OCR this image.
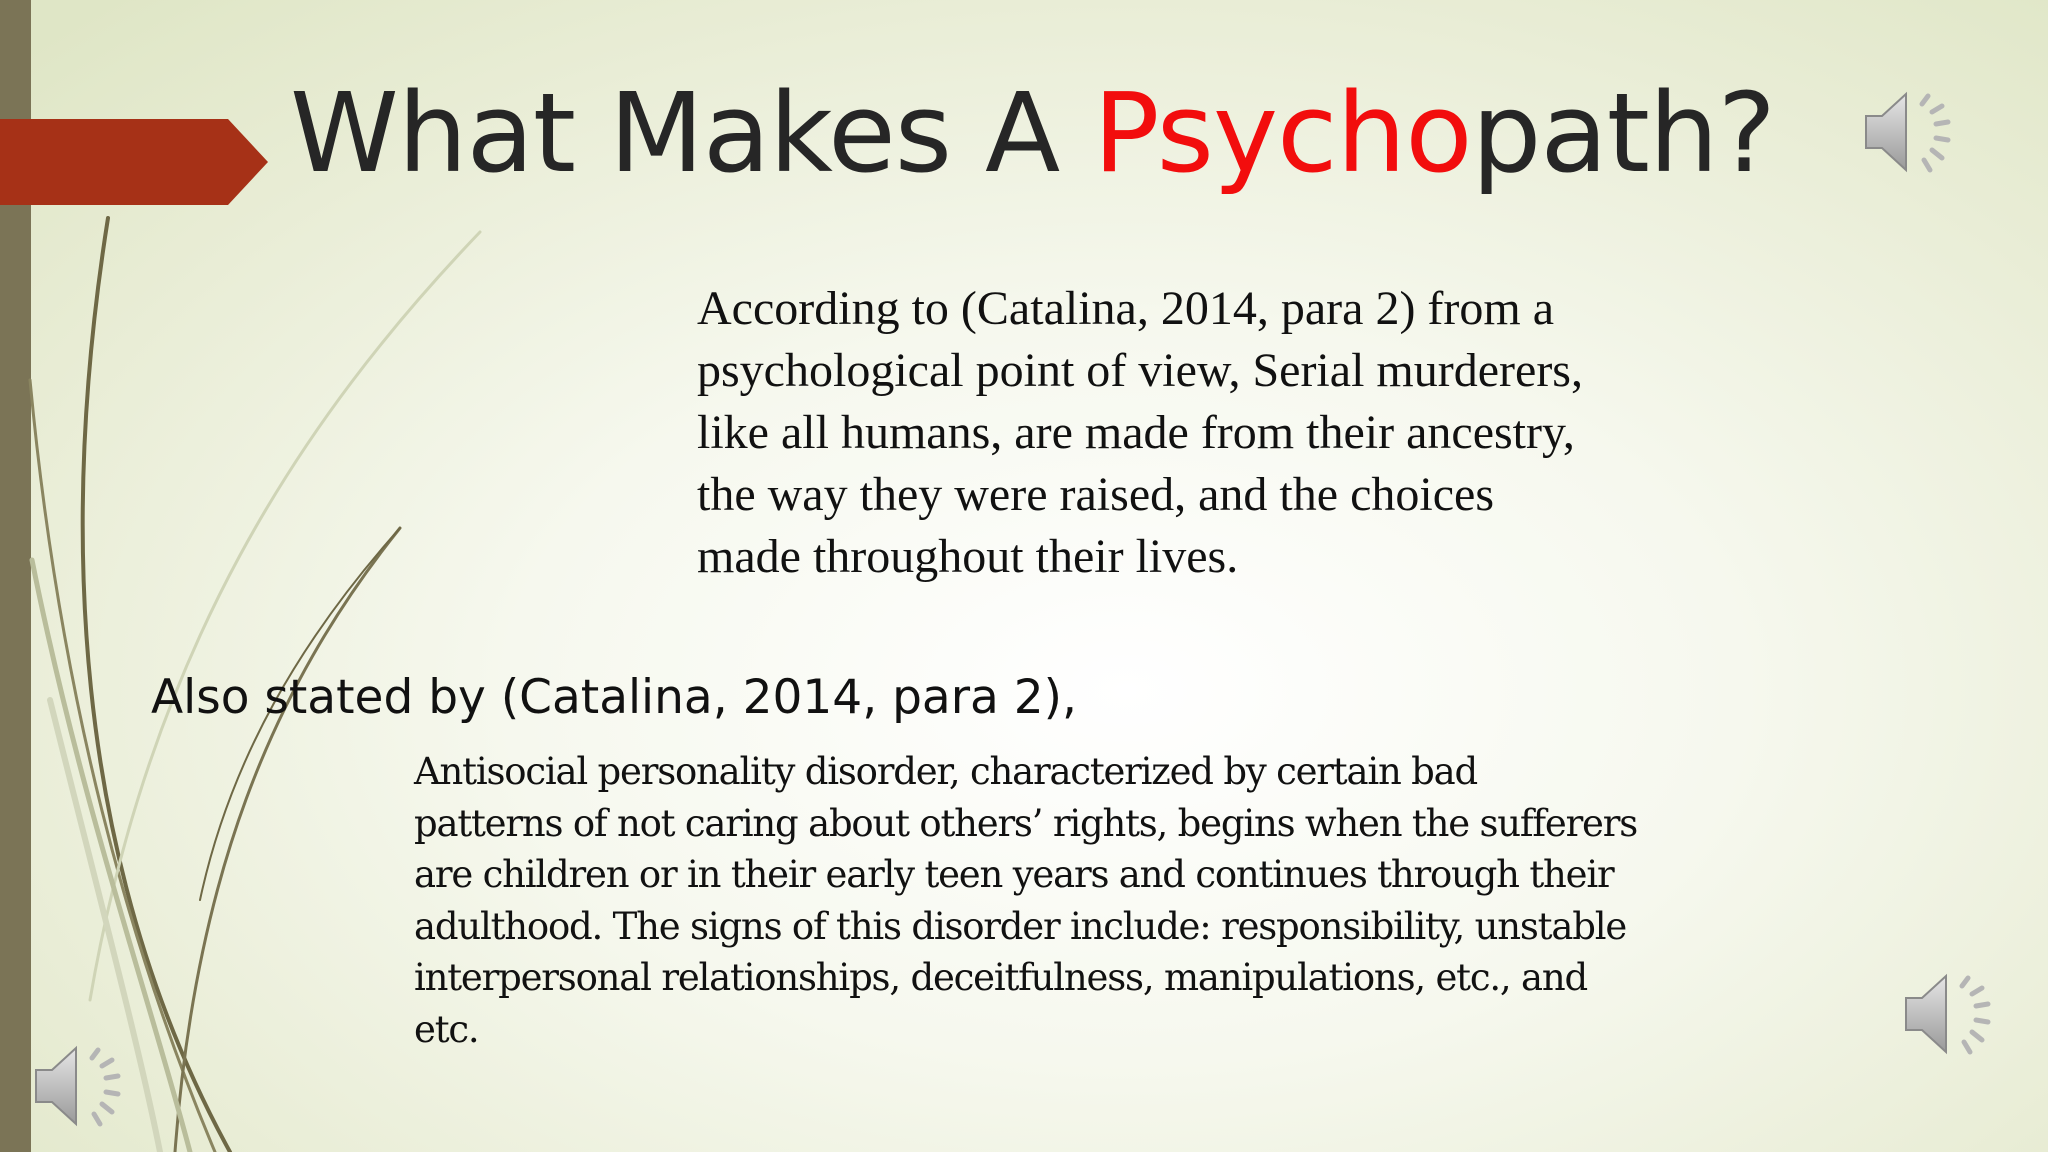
What Makes A Psychopath?

According to (Catalina, 2014, para 2) from a

psychological point of view, Serial murderers,

like all humans, are made from their ancestry,

the way they were raised, and the choices

made throughout their lives.

Also stated by (Catalina, 2014, para 2),

Antisocial personality disorder, characterized by certain bad

patterns of not caring about others’ rights, begins when the sufferers

are children or in their early teen years and continues through their

adulthood. The signs of this disorder include: responsibility, unstable

interpersonal relationships, deceitfulness, manipulations, etc., and

etc.
